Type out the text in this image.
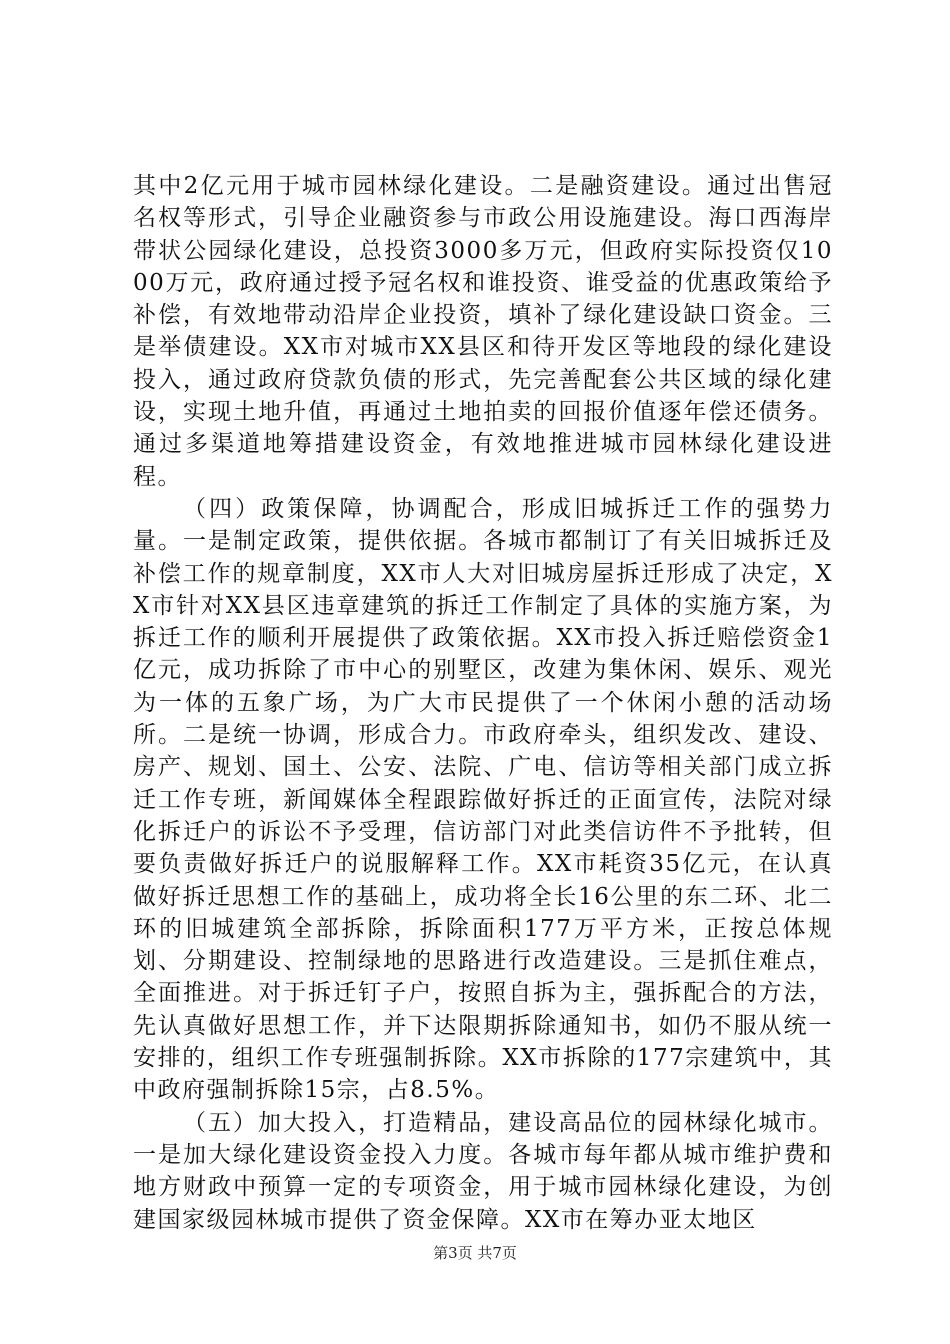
其中2亿元用于城市园林绿化建设。二是融资建设。通过出售冠名权等形式，引导企业融资参与市政公用设施建设。海口西海岸带状公园绿化建设，总投资3000多万元，但政府实际投资仅1000万元，政府通过授予冠名权和谁投资、谁受益的优惠政策给予补偿，有效地带动沿岸企业投资，填补了绿化建设缺口资金。三是举债建设。XX市对城市XX县区和待开发区等地段的绿化建设投入，通过政府贷款负债的形式，先完善配套公共区域的绿化建设，实现土地升值，再通过土地拍卖的回报价值逐年偿还债务。通过多渠道地筹措建设资金，有效地推进城市园林绿化建设进程。

（四）政策保障，协调配合，形成旧城拆迁工作的强势力量。一是制定政策，提供依据。各城市都制订了有关旧城拆迁及补偿工作的规章制度，XX市人大对旧城房屋拆迁形成了决定，XX市针对XX县区违章建筑的拆迁工作制定了具体的实施方案，为拆迁工作的顺利开展提供了政策依据。XX市投入拆迁赔偿资金1亿元，成功拆除了市中心的别墅区，改建为集休闲、娱乐、观光为一体的五象广场，为广大市民提供了一个休闲小憩的活动场所。二是统一协调，形成合力。市政府牵头，组织发改、建设、房产、规划、国土、公安、法院、广电、信访等相关部门成立拆迁工作专班，新闻媒体全程跟踪做好拆迁的正面宣传，法院对绿化拆迁户的诉讼不予受理，信访部门对此类信访件不予批转，但要负责做好拆迁户的说服解释工作。XX市耗资35亿元，在认真做好拆迁思想工作的基础上，成功将全长16公里的东二环、北二环的旧城建筑全部拆除，拆除面积177万平方米，正按总体规划、分期建设、控制绿地的思路进行改造建设。三是抓住难点，全面推进。对于拆迁钉子户，按照自拆为主，强拆配合的方法，先认真做好思想工作，并下达限期拆除通知书，如仍不服从统一安排的，组织工作专班强制拆除。XX市拆除的177宗建筑中，其中政府强制拆除15宗，占8.5%。

（五）加大投入，打造精品，建设高品位的园林绿化城市。一是加大绿化建设资金投入力度。各城市每年都从城市维护费和地方财政中预算一定的专项资金，用于城市园林绿化建设，为创建国家级园林城市提供了资金保障。XX市在筹办亚太地区

第3页 共7页
